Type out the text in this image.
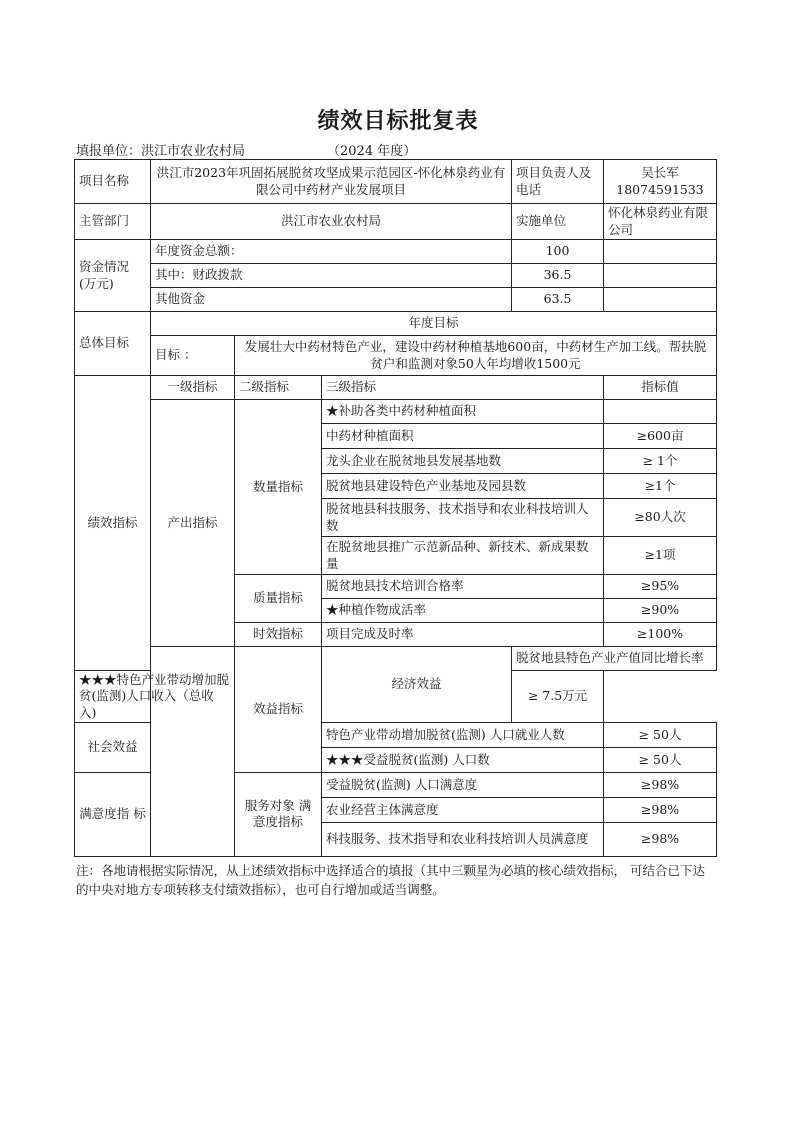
绩效目标批复表
填报单位：洪江市农业农村局	（2024 年度）
项目名称	洪江市2023年巩固拓展脱贫攻坚成果示范园区-怀化林泉药业有限公司中药材产业发展项目			项目负责人及电话	吴长军
18074591533	

主管部门	洪江市农业农村局			实施单位	怀化林泉药业有限公司	
资金情况(万元)	年度资金总额：			100		
	其中：财政拨款			36.5		
	其他资金			63.5		
总体目标	年度目标					
	目标 ：	发展壮大中药材特色产业，建设中药材种植基地600亩，中药材生产加工线。帮扶脱贫户和监测对象50人年均增收1500元				
绩效指标	一级指标	二级指标	三级指标		指标值	
	产出指标	数量指标	★补助各类中药材种植面积			
			中药材种植面积		≥600亩	
			龙头企业在脱贫地县发展基地数		≥ 1个	
			脱贫地县建设特色产业基地及园县数		≥1个	
			脱贫地县科技服务、技术指导和农业科技培训人数		≥80人次	
			在脱贫地县推广示范新品种、新技术、新成果数量		≥1项	
		质量指标	脱贫地县技术培训合格率		≥95%	
			★种植作物成活率		≥90%	
		时效指标	项目完成及时率		≥100%	
		效益指标	经济效益	脱贫地县特色产业产值同比增长率	
★★★特色产业带动增加脱贫(监测)人口收入（总收入)				≥ 7.5万元		
社会效益			特色产业带动增加脱贫(监测) 人口就业人数		≥ 50人	
			★★★受益脱贫(监测) 人口数		≥ 50人	
满意度指 标		服务对象 满意度指标	受益脱贫(监测) 人口满意度		≥98%	
			农业经营主体满意度		≥98%	
			科技服务、技术指导和农业科技培训人员满意度		≥98%	
注：各地请根据实际情况，从上述绩效指标中选择适合的填报（其中三颗星为必填的核心绩效指标， 可结合已下达的中央对地方专项转移支付绩效指标），也可自行增加或适当调整。
